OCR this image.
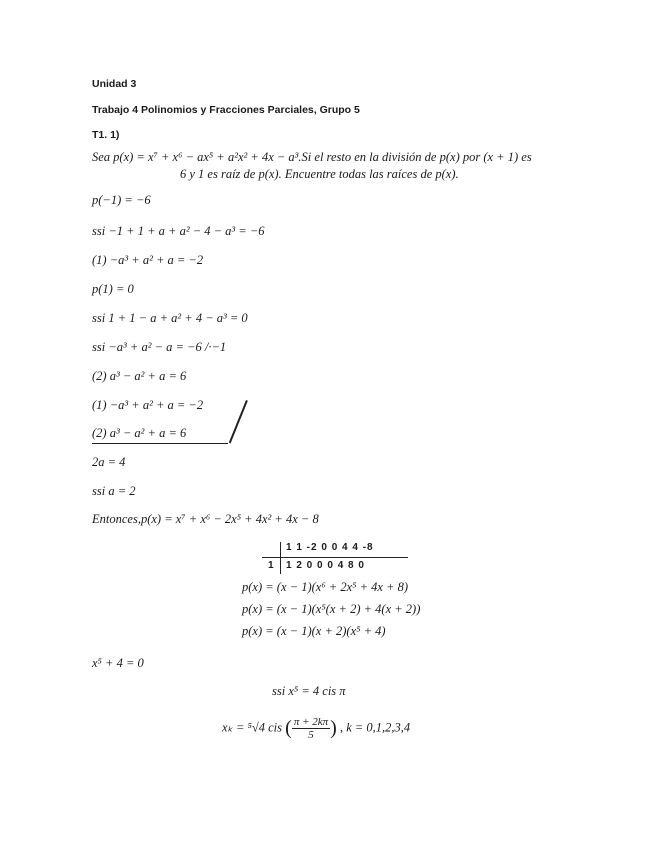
Unidad 3
Trabajo 4 Polinomios y Fracciones Parciales, Grupo 5
T1. 1)
Sea p(x) = x⁷ + x⁶ − ax⁵ + a²x² + 4x − a³.Si el resto en la división de p(x) por (x + 1) es
6 y 1 es raíz de p(x). Encuentre todas las raíces de p(x).
p(−1) = −6
ssi −1 + 1 + a + a² − 4 − a³ = −6
(1) −a³ + a² + a = −2
p(1) = 0
ssi 1 + 1 − a + a² + 4 − a³ = 0
ssi −a³ + a² − a = −6 /·−1
(2) a³ − a² + a = 6
(1) −a³ + a² + a = −2
(2) a³ − a² + a = 6
2a = 4
ssi a = 2
Entonces,p(x) = x⁷ + x⁶ − 2x⁵ + 4x² + 4x − 8
1 1 -2 0 0 4 4 -8
1 1 2 0 0 0 4 8 0
p(x) = (x − 1)(x⁶ + 2x⁵ + 4x + 8)
p(x) = (x − 1)(x⁵(x + 2) + 4(x + 2))
p(x) = (x − 1)(x + 2)(x⁵ + 4)
x⁵ + 4 = 0
ssi x⁵ = 4 cis π
xₖ = ⁵√4 cis ( $\frac{\pi + 2k\pi}{5}$ ) , k = 0,1,2,3,4
